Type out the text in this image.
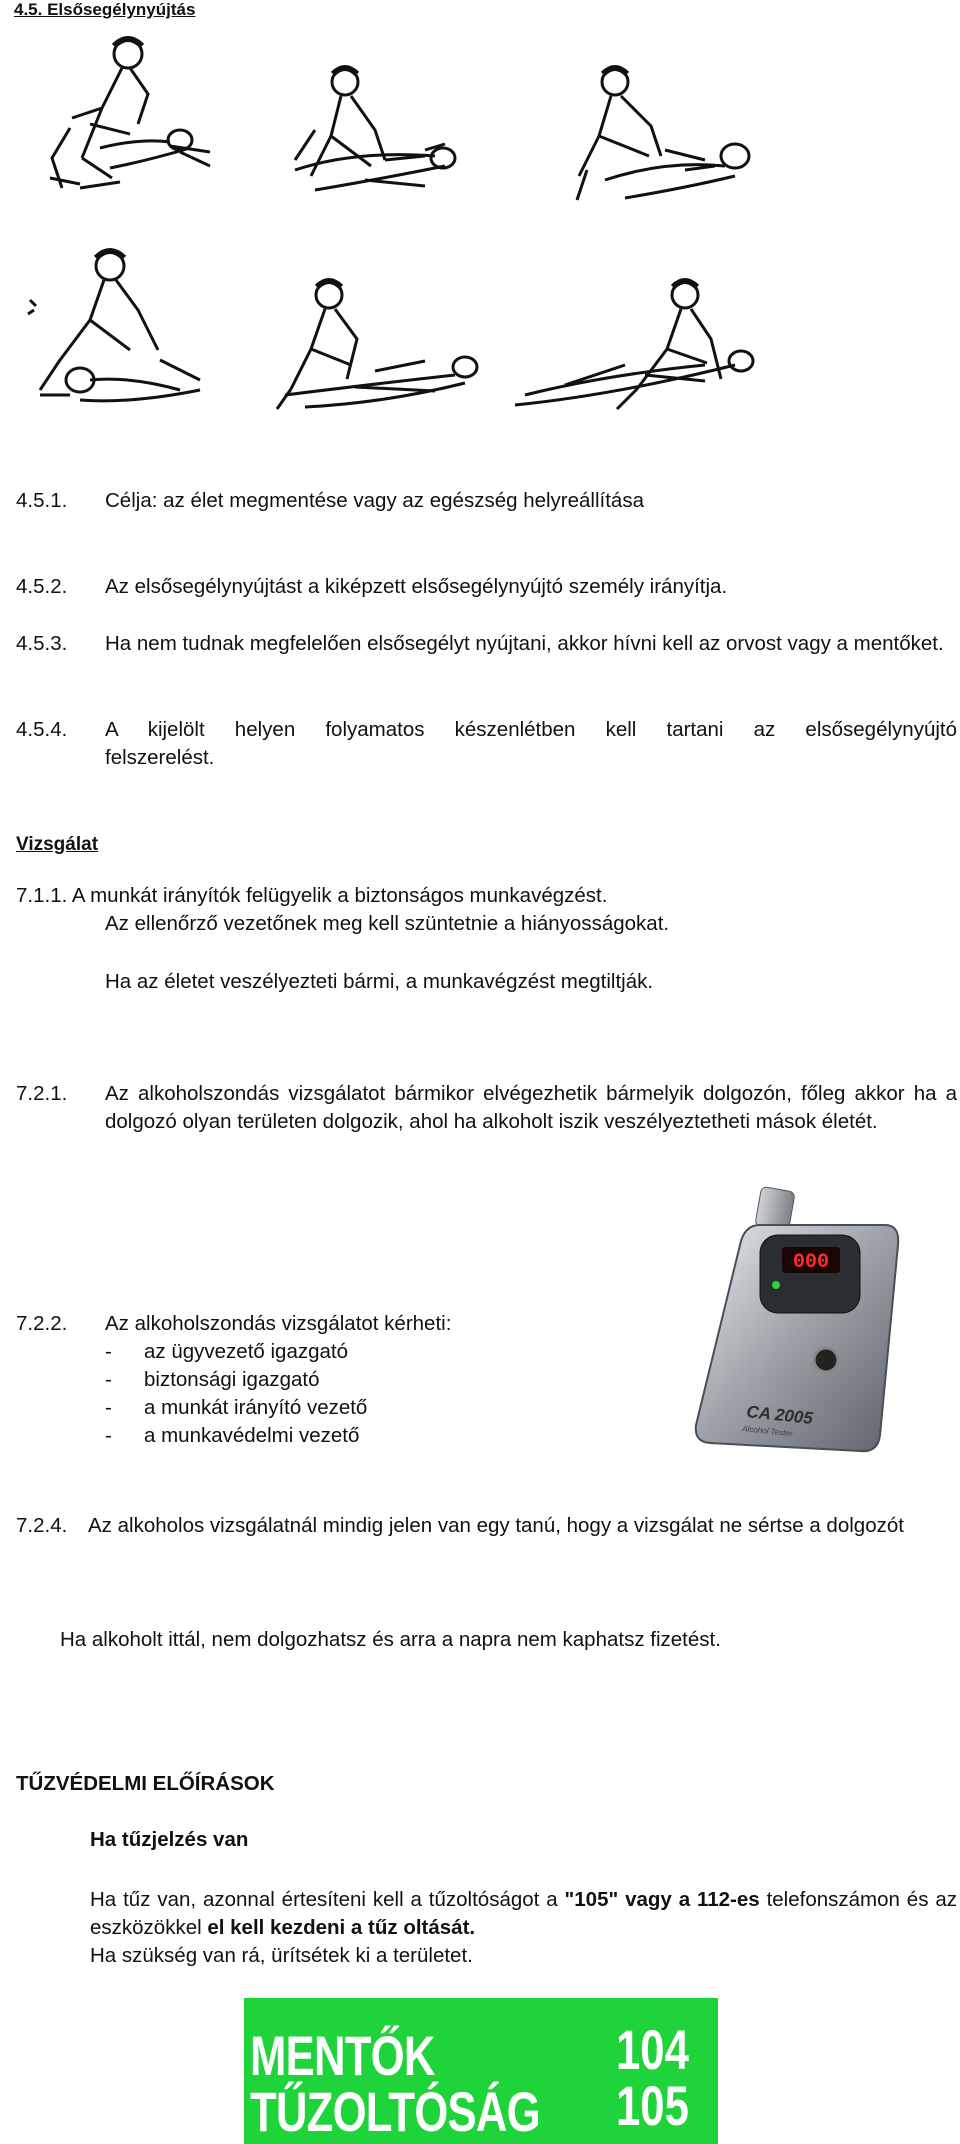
4.5. Elsősegélynyújtás
4.5.1. Célja: az élet megmentése vagy az egészség helyreállítása
4.5.2. Az elsősegélynyújtást a kiképzett elsősegélynyújtó személy irányítja.
4.5.3. Ha nem tudnak megfelelően elsősegélyt nyújtani, akkor hívni kell az orvost vagy a mentőket.
4.5.4. A kijelölt helyen folyamatos készenlétben kell tartani az elsősegélynyújtó felszerelést.
Vizsgálat
7.1.1. A munkát irányítók felügyelik a biztonságos munkavégzést.
Az ellenőrző vezetőnek meg kell szüntetnie a hiányosságokat.
Ha az életet veszélyezteti bármi, a munkavégzést megtiltják.
7.2.1. Az alkoholszondás vizsgálatot bármikor elvégezhetik bármelyik dolgozón, főleg akkor ha a dolgozó olyan területen dolgozik, ahol ha alkoholt iszik veszélyeztetheti mások életét.
000
CA 2005
Alcohol Tester
7.2.2. Az alkoholszondás vizsgálatot kérheti:
- az ügyvezető igazgató
- biztonsági igazgató
- a munkát irányító vezető
- a munkavédelmi vezető
7.2.4. Az alkoholos vizsgálatnál mindig jelen van egy tanú, hogy a vizsgálat ne sértse a dolgozót
Ha alkoholt ittál, nem dolgozhatsz és arra a napra nem kaphatsz fizetést.
TŰZVÉDELMI ELŐÍRÁSOK
Ha tűzjelzés van
Ha tűz van, azonnal értesíteni kell a tűzoltóságot a "105" vagy a 112-es telefonszámon és az eszközökkel el kell kezdeni a tűz oltását.
Ha szükség van rá, ürítsétek ki a területet.
MENTŐK	104
TŰZOLTÓSÁG 105
